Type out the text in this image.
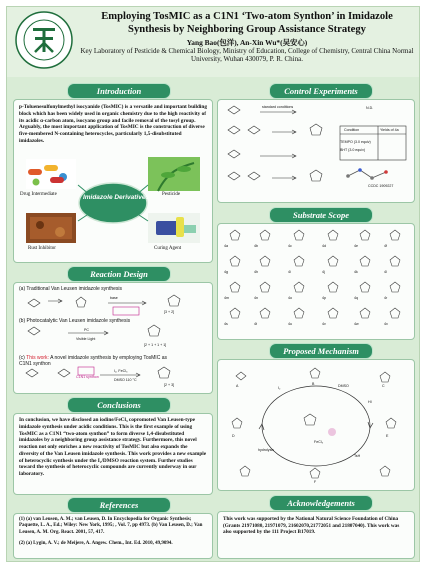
Employing TosMIC as a C1N1 ‘Two-atom Synthon’ in Imidazole Synthesis by Neighboring Group Assistance Strategy
Yang Bao(包洋), An-Xin Wu*(吴安心)
Key Laboratory of Pesticide & Chemical Biology, Ministry of Education, College of Chemistry, Central China Normal University, Wuhan 430079, P. R. China.
Introduction
p-Toluenesulfonylmethyl isocyanide (TosMIC) is a versatile and important building block which has been widely used in organic chemistry due to the high reactivity of its acidic α-carbon atom, isocyano group and facile removal of the tosyl group. Arguably, the most important application of TosMIC is the construction of diverse five-membered N-containing heterocycles, particularly 1,5-disubstituted imidazoles.
Imidazole Derivatives
Drug Intermediate	Pesticide
Rust Inhibitor	Curing Agent
Reaction Design
(a) Traditional Van Leusen imidazole synthesis
(b) Photocatalytic Van Leusen imidazole synthesis
(c) This work: A novel imidazole synthesis by employing TosMIC as C1N1 synthon
base
[3 + 2]
PC
Visible Light
[2 + 1 + 1 + 1]
I₂, FeCl₃
DMSO 110 °C
C1N1 synthon
[2 + 3]
Conclusions
In conclusion, we have disclosed an iodine/FeCl₃ copromoted Van Leusen-type imidazole synthesis under acidic conditions. This is the first example of using TosMIC as a C1N1 “two-atom synthon” to form diverse 1,4-disubstituted imidazoles by a neighboring group assistance strategy. Furthermore, this novel reaction not only enriches a new reactivity of TosMIC but also expands the diversity of the Van Leusen imidazole synthesis. This work provides a new example of heterocyclic synthesis under the I₂/DMSO reaction system. Further studies toward the synthesis of heterocyclic compounds are currently underway in our laboratory.
References
(1) (a) van Leusen, A. M.; van Leusen, D. In Encyclopedia for Organic Synthesis; Paquette, L. A., Ed.; Wiley: New York, 1995; , Vol. 7, pp 4973. (b) Van Leusen, D.; Van Leusen, A. M. Org. React. 2001, 57, 417.
(2) (a) Lygin, A. V.; de Meijere, A. Angew. Chem., Int. Ed. 2010, 49,9094.
Control Experiments
standard conditions	N.D.
Condition	Yields of 4a
TEMPO (3.0 equiv)
BHT (3.0 equiv)
CCDC 1909227
Substrate Scope
4a	4b	4c	4d	4e	4f
4g	4h	4i	4j	4k	4l
4m	4n	4o	4p	4q	4r
4s	4t	4u	4v	4w	4x
Proposed Mechanism
I₂	DMSO
HI
hydrolysis
TsH
FeCl₃
A	B	C
D	E
F
Acknowledgements
This work was supported by the National Natural Science Foundation of China (Grants 21971080, 21971079, 21602070,21772051 and 21807040). This work was also supported by the 111 Project B17019.
